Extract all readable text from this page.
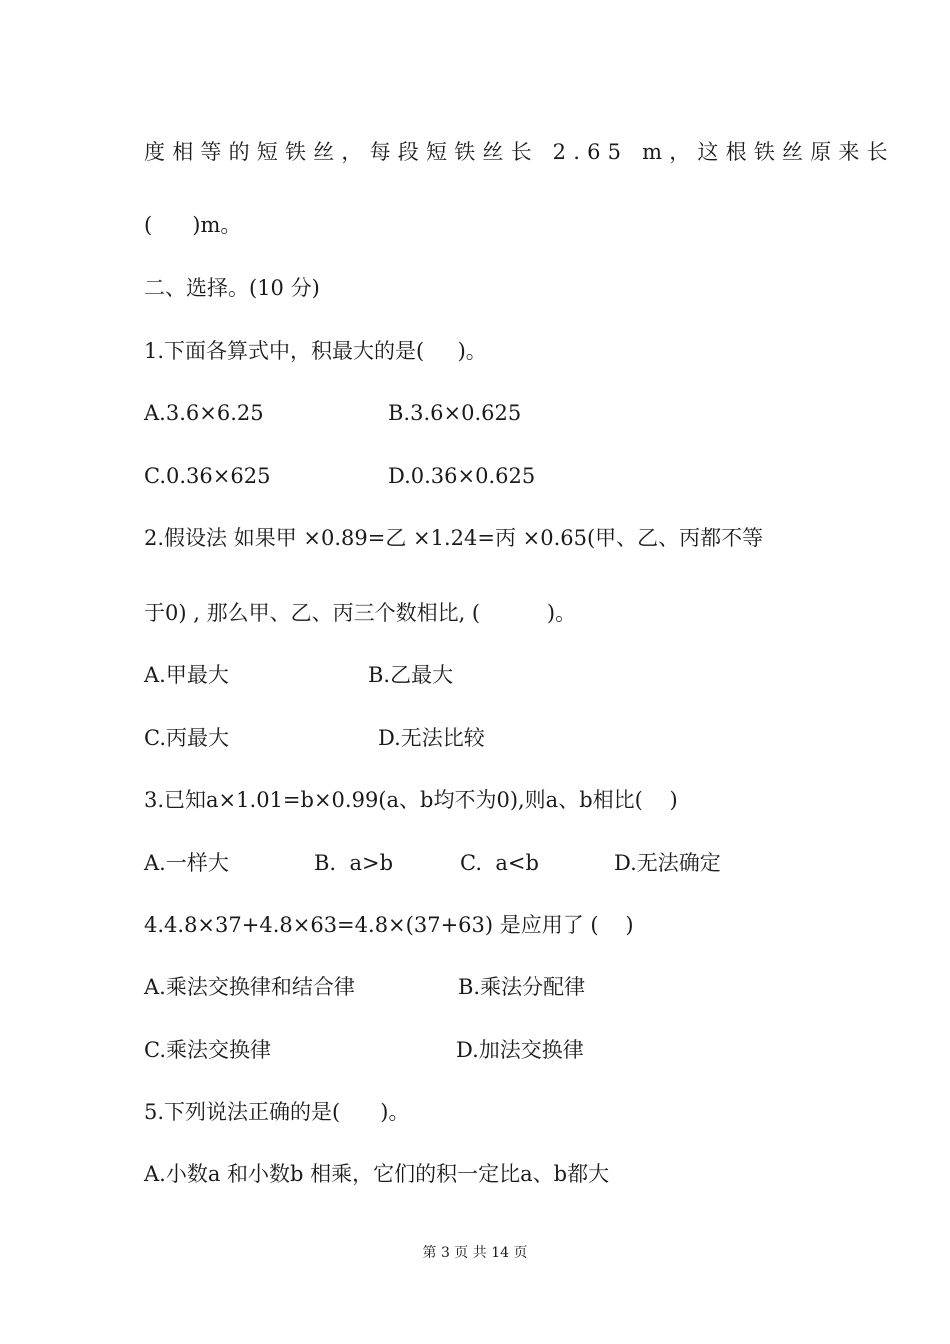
度相等的短铁丝，每段短铁丝长 2.65 m，这根铁丝原来长
(      )m。
二、选择。(10 分)
1.下面各算式中，积最大的是(     )。
A.3.6×6.25	B.3.6×0.625
C.0.36×625	D.0.36×0.625
2.假设法 如果甲 ×0.89=乙 ×1.24=丙 ×0.65(甲、乙、丙都不等
于0) , 那么甲、乙、丙三个数相比, (          )。
A.甲最大	B.乙最大
C.丙最大	D.无法比较
3.已知a×1.01=b×0.99(a、b均不为0),则a、b相比(    )
A.一样大	B.  a>b	C.  a<b	D.无法确定
4.4.8×37+4.8×63=4.8×(37+63) 是应用了 (    )
A.乘法交换律和结合律	B.乘法分配律
C.乘法交换律	D.加法交换律
5.下列说法正确的是(      )。
A.小数a 和小数b 相乘，它们的积一定比a、b都大
第 3 页 共 14 页
